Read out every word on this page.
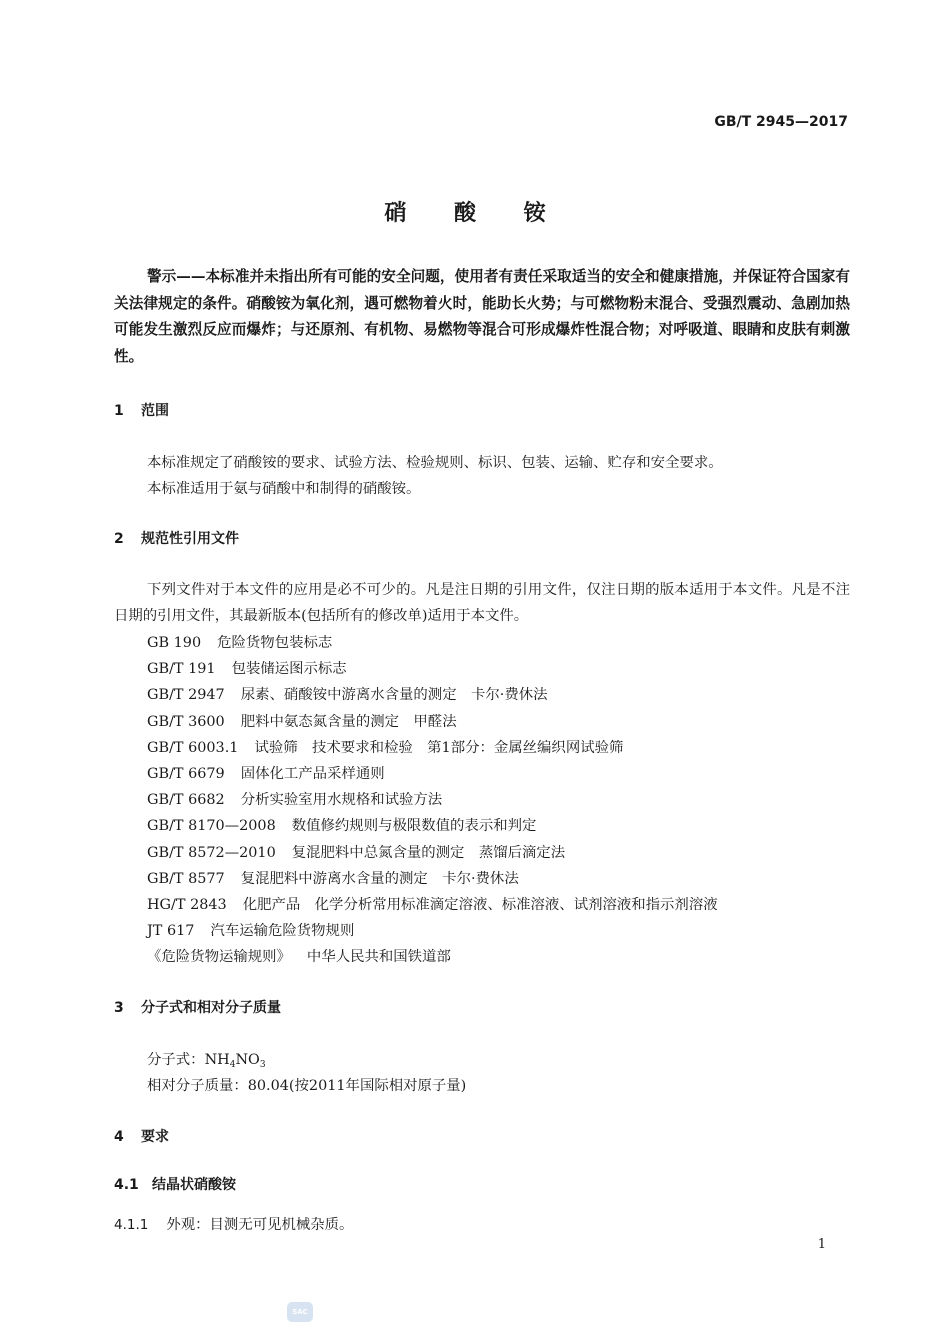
GB/T 2945—2017
硝 酸 铵
警示——本标准并未指出所有可能的安全问题，使用者有责任采取适当的安全和健康措施，并保证符合国家有关法律规定的条件。硝酸铵为氧化剂，遇可燃物着火时，能助长火势；与可燃物粉末混合、受强烈震动、急剧加热可能发生激烈反应而爆炸；与还原剂、有机物、易燃物等混合可形成爆炸性混合物；对呼吸道、眼睛和皮肤有刺激性。
1 范围
本标准规定了硝酸铵的要求、试验方法、检验规则、标识、包装、运输、贮存和安全要求。
本标准适用于氨与硝酸中和制得的硝酸铵。
2 规范性引用文件
下列文件对于本文件的应用是必不可少的。凡是注日期的引用文件，仅注日期的版本适用于本文件。凡是不注日期的引用文件，其最新版本(包括所有的修改单)适用于本文件。
GB 190 危险货物包装标志
GB/T 191 包装储运图示标志
GB/T 2947 尿素、硝酸铵中游离水含量的测定　卡尔·费休法
GB/T 3600 肥料中氨态氮含量的测定　甲醛法
GB/T 6003.1 试验筛　技术要求和检验　第1部分：金属丝编织网试验筛
GB/T 6679 固体化工产品采样通则
GB/T 6682 分析实验室用水规格和试验方法
GB/T 8170—2008 数值修约规则与极限数值的表示和判定
GB/T 8572—2010 复混肥料中总氮含量的测定　蒸馏后滴定法
GB/T 8577 复混肥料中游离水含量的测定　卡尔·费休法
HG/T 2843 化肥产品　化学分析常用标准滴定溶液、标准溶液、试剂溶液和指示剂溶液
JT 617 汽车运输危险货物规则
《危险货物运输规则》 中华人民共和国铁道部
3 分子式和相对分子质量
分子式：$NH_4NO_3$
相对分子质量：80.04(按2011年国际相对原子量)
4 要求
4.1 结晶状硝酸铵
4.1.1 外观：目测无可见机械杂质。
1
SAC
